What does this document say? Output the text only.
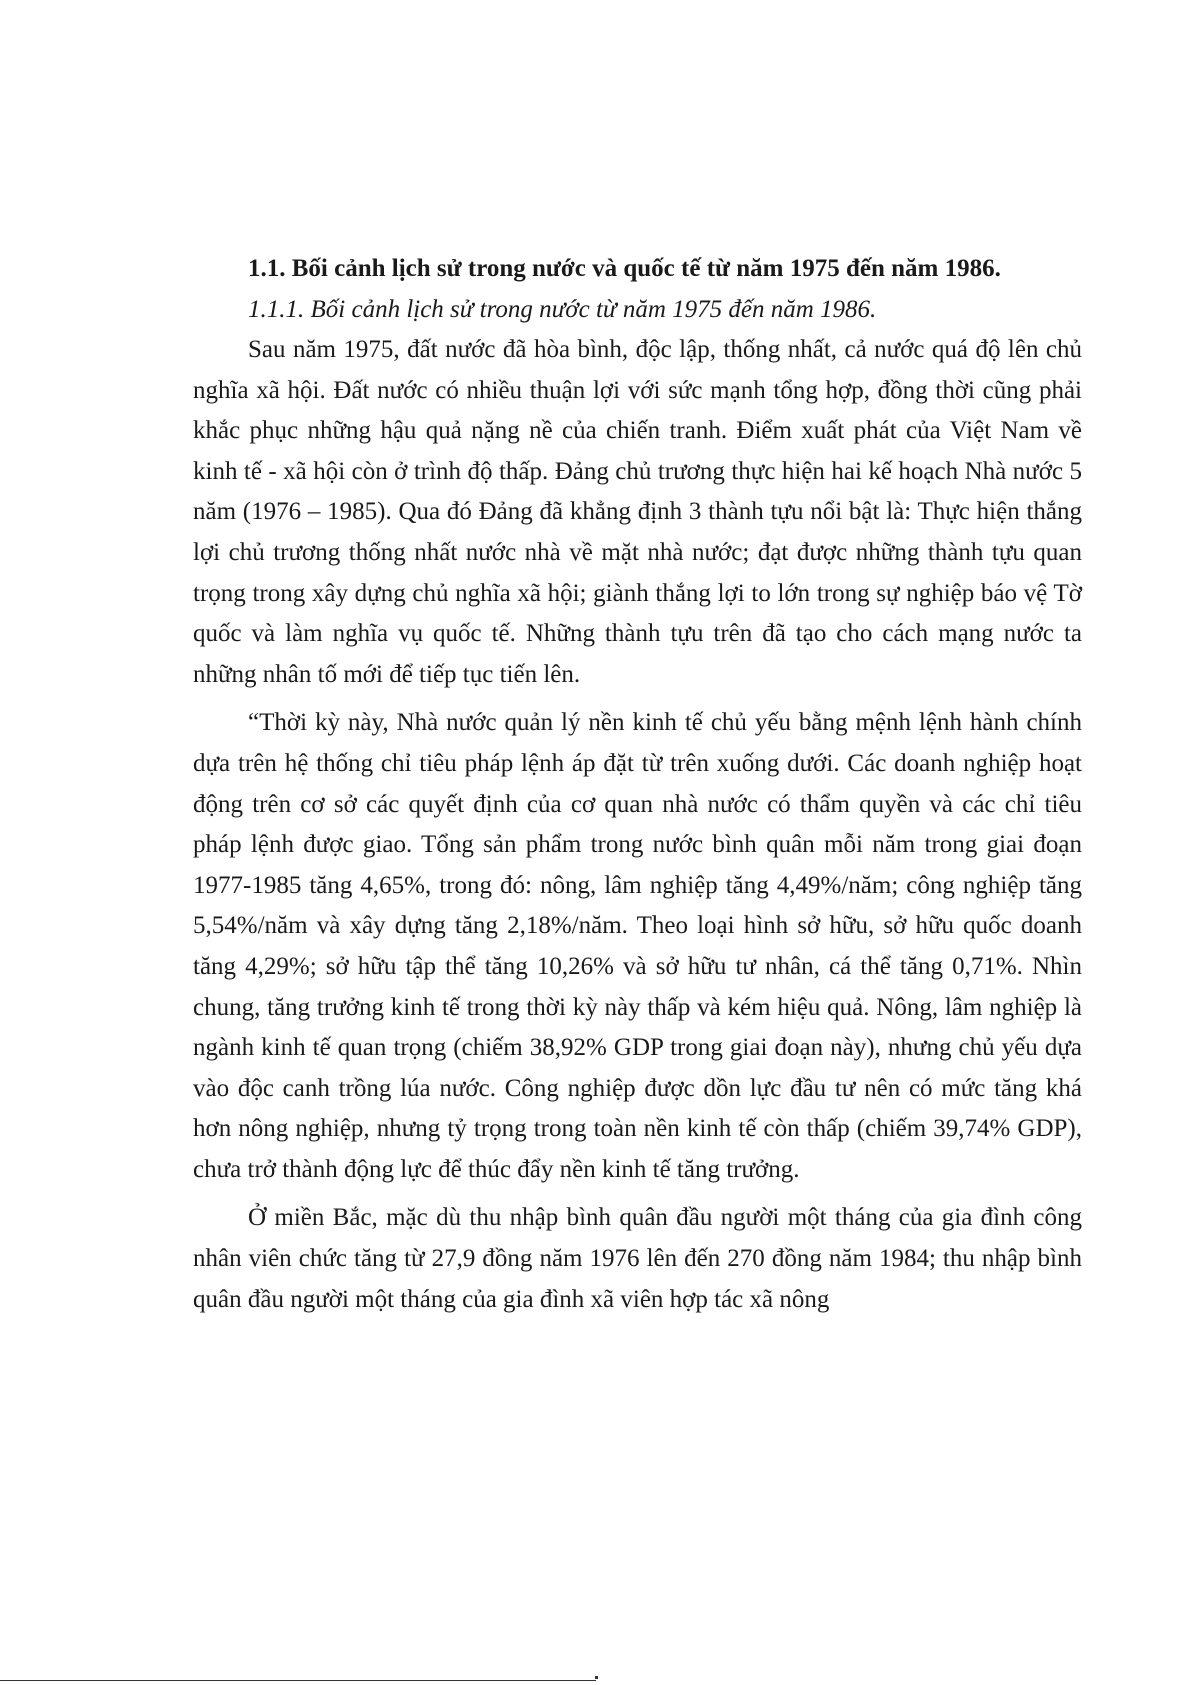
1.1. Bối cảnh lịch sử trong nước và quốc tế từ năm 1975 đến năm 1986.

1.1.1. Bối cảnh lịch sử trong nước từ năm 1975 đến năm 1986.

Sau năm 1975, đất nước đã hòa bình, độc lập, thống nhất, cả nước quá độ lên chủ nghĩa xã hội. Đất nước có nhiều thuận lợi với sức mạnh tổng hợp, đồng thời cũng phải khắc phục những hậu quả nặng nề của chiến tranh. Điểm xuất phát của Việt Nam về kinh tế - xã hội còn ở trình độ thấp. Đảng chủ trương thực hiện hai kế hoạch Nhà nước 5 năm (1976 – 1985). Qua đó Đảng đã khẳng định 3 thành tựu nổi bật là: Thực hiện thắng lợi chủ trương thống nhất nước nhà về mặt nhà nước; đạt được những thành tựu quan trọng trong xây dựng chủ nghĩa xã hội; giành thắng lợi to lớn trong sự nghiệp báo vệ Tờ quốc và làm nghĩa vụ quốc tế. Những thành tựu trên đã tạo cho cách mạng nước ta những nhân tố mới để tiếp tục tiến lên.

“Thời kỳ này, Nhà nước quản lý nền kinh tế chủ yếu bằng mệnh lệnh hành chính dựa trên hệ thống chỉ tiêu pháp lệnh áp đặt từ trên xuống dưới. Các doanh nghiệp hoạt động trên cơ sở các quyết định của cơ quan nhà nước có thẩm quyền và các chỉ tiêu pháp lệnh được giao. Tổng sản phẩm trong nước bình quân mỗi năm trong giai đoạn 1977-1985 tăng 4,65%, trong đó: nông, lâm nghiệp tăng 4,49%/năm; công nghiệp tăng 5,54%/năm và xây dựng tăng 2,18%/năm. Theo loại hình sở hữu, sở hữu quốc doanh tăng 4,29%; sở hữu tập thể tăng 10,26% và sở hữu tư nhân, cá thể tăng 0,71%. Nhìn chung, tăng trưởng kinh tế trong thời kỳ này thấp và kém hiệu quả. Nông, lâm nghiệp là ngành kinh tế quan trọng (chiếm 38,92% GDP trong giai đoạn này), nhưng chủ yếu dựa vào độc canh trồng lúa nước. Công nghiệp được dồn lực đầu tư nên có mức tăng khá hơn nông nghiệp, nhưng tỷ trọng trong toàn nền kinh tế còn thấp (chiếm 39,74% GDP), chưa trở thành động lực để thúc đẩy nền kinh tế tăng trưởng.

Ở miền Bắc, mặc dù thu nhập bình quân đầu người một tháng của gia đình công nhân viên chức tăng từ 27,9 đồng năm 1976 lên đến 270 đồng năm 1984; thu nhập bình quân đầu người một tháng của gia đình xã viên hợp tác xã nông
